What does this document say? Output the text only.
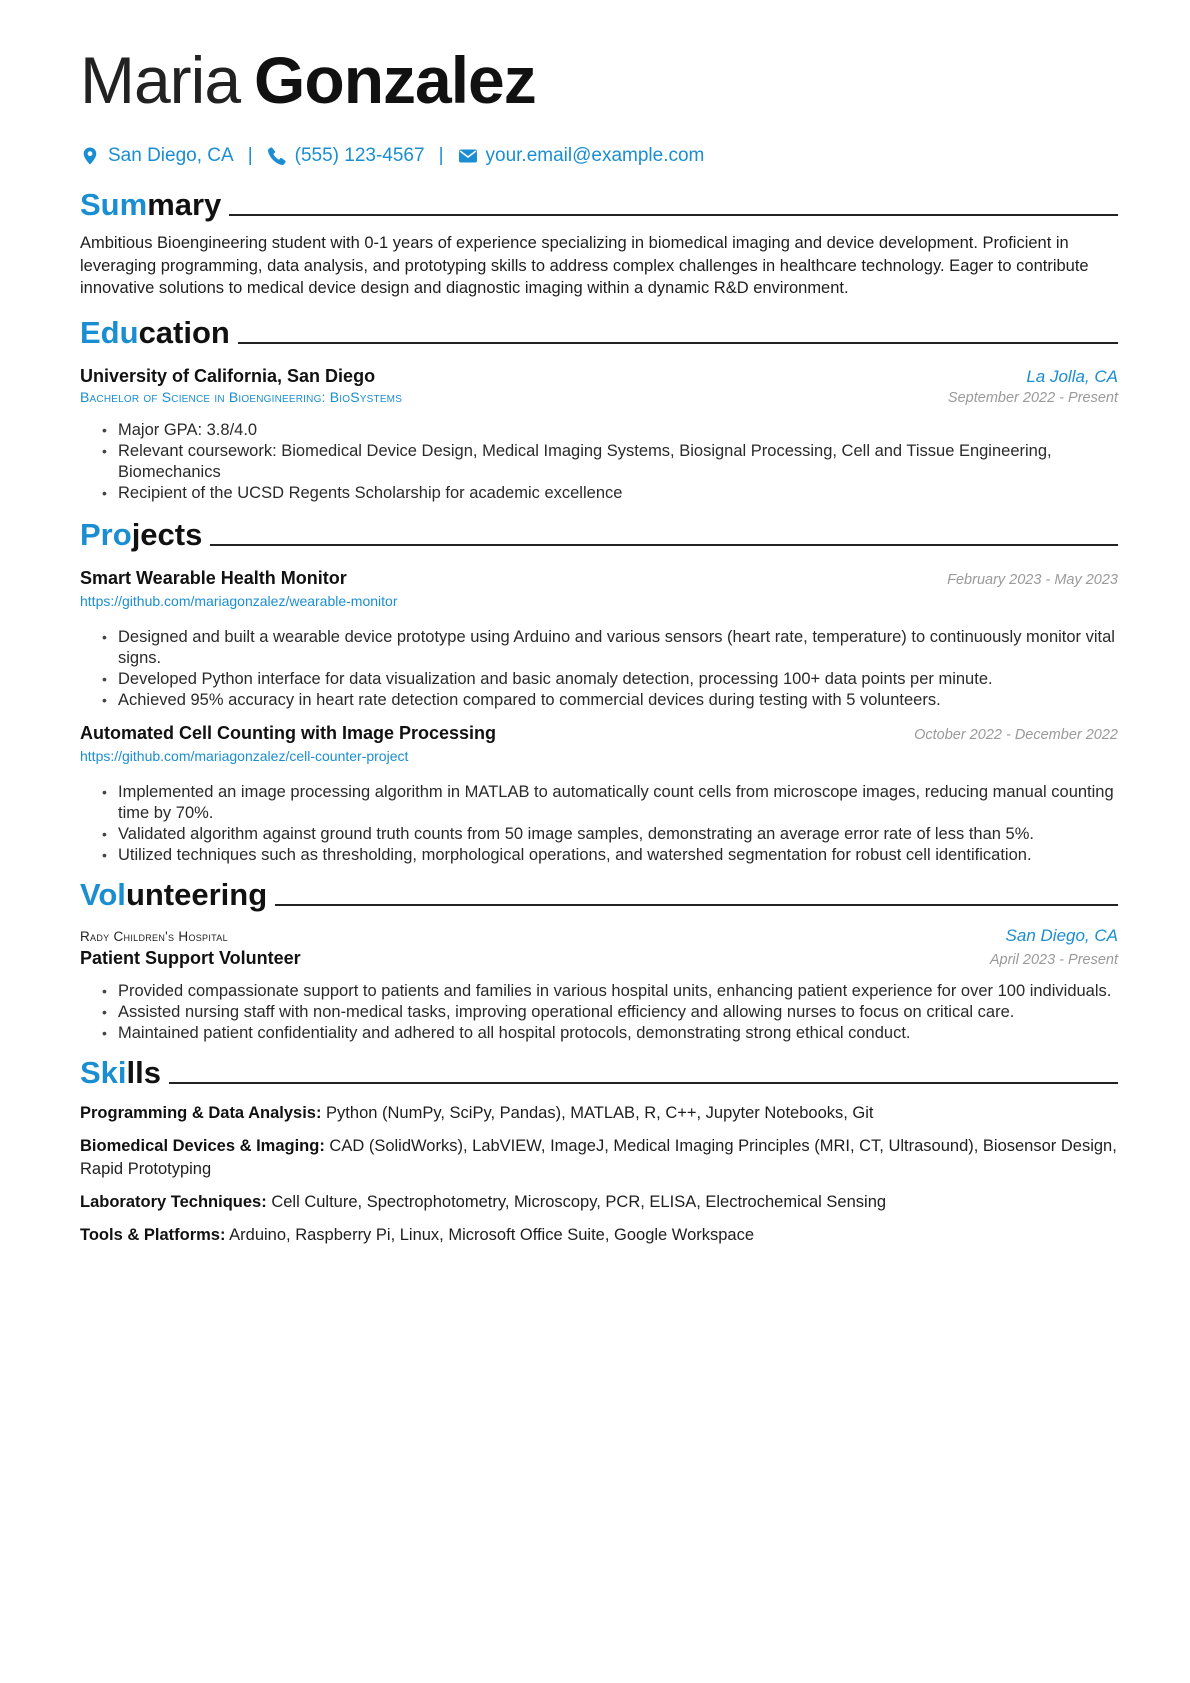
Maria Gonzalez
San Diego, CA | (555) 123-4567 | your.email@example.com
Summary
Ambitious Bioengineering student with 0-1 years of experience specializing in biomedical imaging and device development. Proficient in leveraging programming, data analysis, and prototyping skills to address complex challenges in healthcare technology. Eager to contribute innovative solutions to medical device design and diagnostic imaging within a dynamic R&D environment.
Education
University of California, San Diego	La Jolla, CA
Bachelor of Science in Bioengineering: BioSystems	September 2022 - Present
• Major GPA: 3.8/4.0
• Relevant coursework: Biomedical Device Design, Medical Imaging Systems, Biosignal Processing, Cell and Tissue Engineering, Biomechanics
• Recipient of the UCSD Regents Scholarship for academic excellence
Projects
Smart Wearable Health Monitor	February 2023 - May 2023
https://github.com/mariagonzalez/wearable-monitor
• Designed and built a wearable device prototype using Arduino and various sensors (heart rate, temperature) to continuously monitor vital signs.
• Developed Python interface for data visualization and basic anomaly detection, processing 100+ data points per minute.
• Achieved 95% accuracy in heart rate detection compared to commercial devices during testing with 5 volunteers.
Automated Cell Counting with Image Processing	October 2022 - December 2022
https://github.com/mariagonzalez/cell-counter-project
• Implemented an image processing algorithm in MATLAB to automatically count cells from microscope images, reducing manual counting time by 70%.
• Validated algorithm against ground truth counts from 50 image samples, demonstrating an average error rate of less than 5%.
• Utilized techniques such as thresholding, morphological operations, and watershed segmentation for robust cell identification.
Volunteering
Rady Children's Hospital	San Diego, CA
Patient Support Volunteer	April 2023 - Present
• Provided compassionate support to patients and families in various hospital units, enhancing patient experience for over 100 individuals.
• Assisted nursing staff with non-medical tasks, improving operational efficiency and allowing nurses to focus on critical care.
• Maintained patient confidentiality and adhered to all hospital protocols, demonstrating strong ethical conduct.
Skills
Programming & Data Analysis: Python (NumPy, SciPy, Pandas), MATLAB, R, C++, Jupyter Notebooks, Git
Biomedical Devices & Imaging: CAD (SolidWorks), LabVIEW, ImageJ, Medical Imaging Principles (MRI, CT, Ultrasound), Biosensor Design, Rapid Prototyping
Laboratory Techniques: Cell Culture, Spectrophotometry, Microscopy, PCR, ELISA, Electrochemical Sensing
Tools & Platforms: Arduino, Raspberry Pi, Linux, Microsoft Office Suite, Google Workspace
